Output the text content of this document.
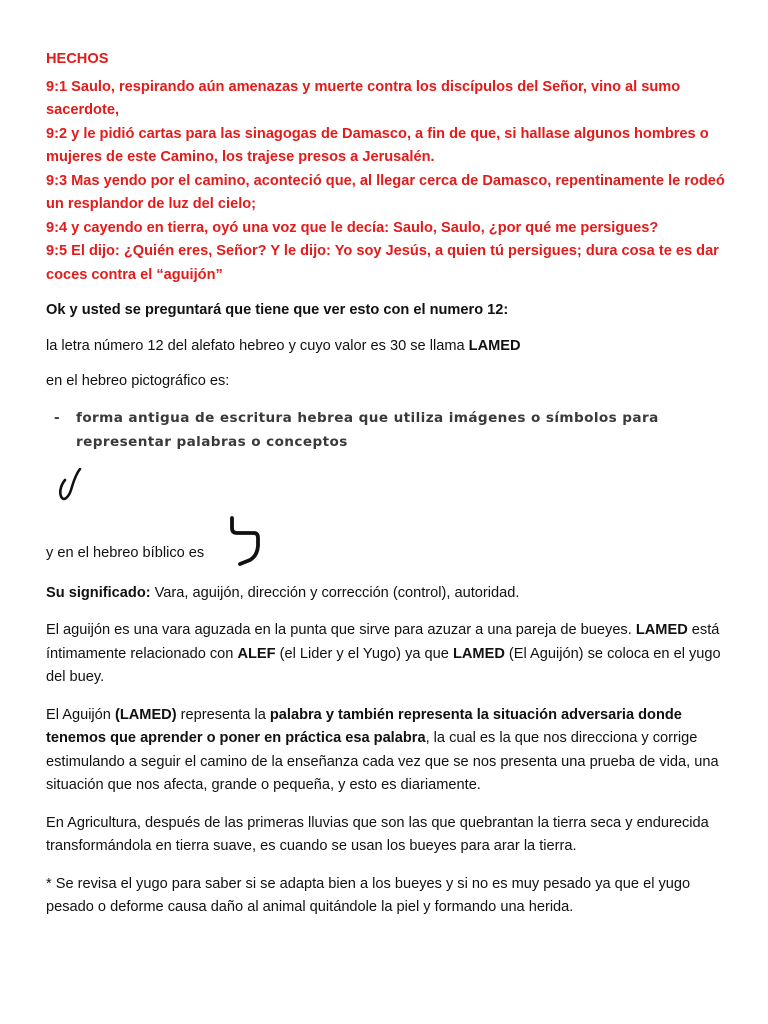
HECHOS

9:1 Saulo, respirando aún amenazas y muerte contra los discípulos del Señor, vino al sumo sacerdote,

9:2 y le pidió cartas para las sinagogas de Damasco, a fin de que, si hallase algunos hombres o mujeres de este Camino, los trajese presos a Jerusalén.

9:3 Mas yendo por el camino, aconteció que, al llegar cerca de Damasco, repentinamente le rodeó un resplandor de luz del cielo;

9:4 y cayendo en tierra, oyó una voz que le decía: Saulo, Saulo, ¿por qué me persigues?

9:5 El dijo: ¿Quién eres, Señor? Y le dijo: Yo soy Jesús, a quien tú persigues; dura cosa te es dar coces contra el “aguijón”

Ok y usted se preguntará que tiene que ver esto con el numero 12:

la letra número 12 del alefato hebreo y cuyo valor es 30 se llama LAMED

en el hebreo pictográfico es:

-	forma antigua de escritura hebrea que utiliza imágenes o símbolos para representar palabras o conceptos
y en el hebreo bíblico es

Su significado: Vara, aguijón, dirección y corrección (control), autoridad.

El aguijón es una vara aguzada en la punta que sirve para azuzar a una pareja de bueyes. LAMED está íntimamente relacionado con ALEF (el Lider y el Yugo) ya que LAMED (El Aguijón) se coloca en el yugo del buey.

El Aguijón (LAMED) representa la palabra y también representa la situación adversaria donde tenemos que aprender o poner en práctica esa palabra, la cual es la que nos direcciona y corrige estimulando a seguir el camino de la enseñanza cada vez que se nos presenta una prueba de vida, una situación que nos afecta, grande o pequeña, y esto es diariamente.

En Agricultura, después de las primeras lluvias que son las que quebrantan la tierra seca y endurecida transformándola en tierra suave, es cuando se usan los bueyes para arar la tierra.

* Se revisa el yugo para saber si se adapta bien a los bueyes y si no es muy pesado ya que el yugo pesado o deforme causa daño al animal quitándole la piel y formando una herida.
